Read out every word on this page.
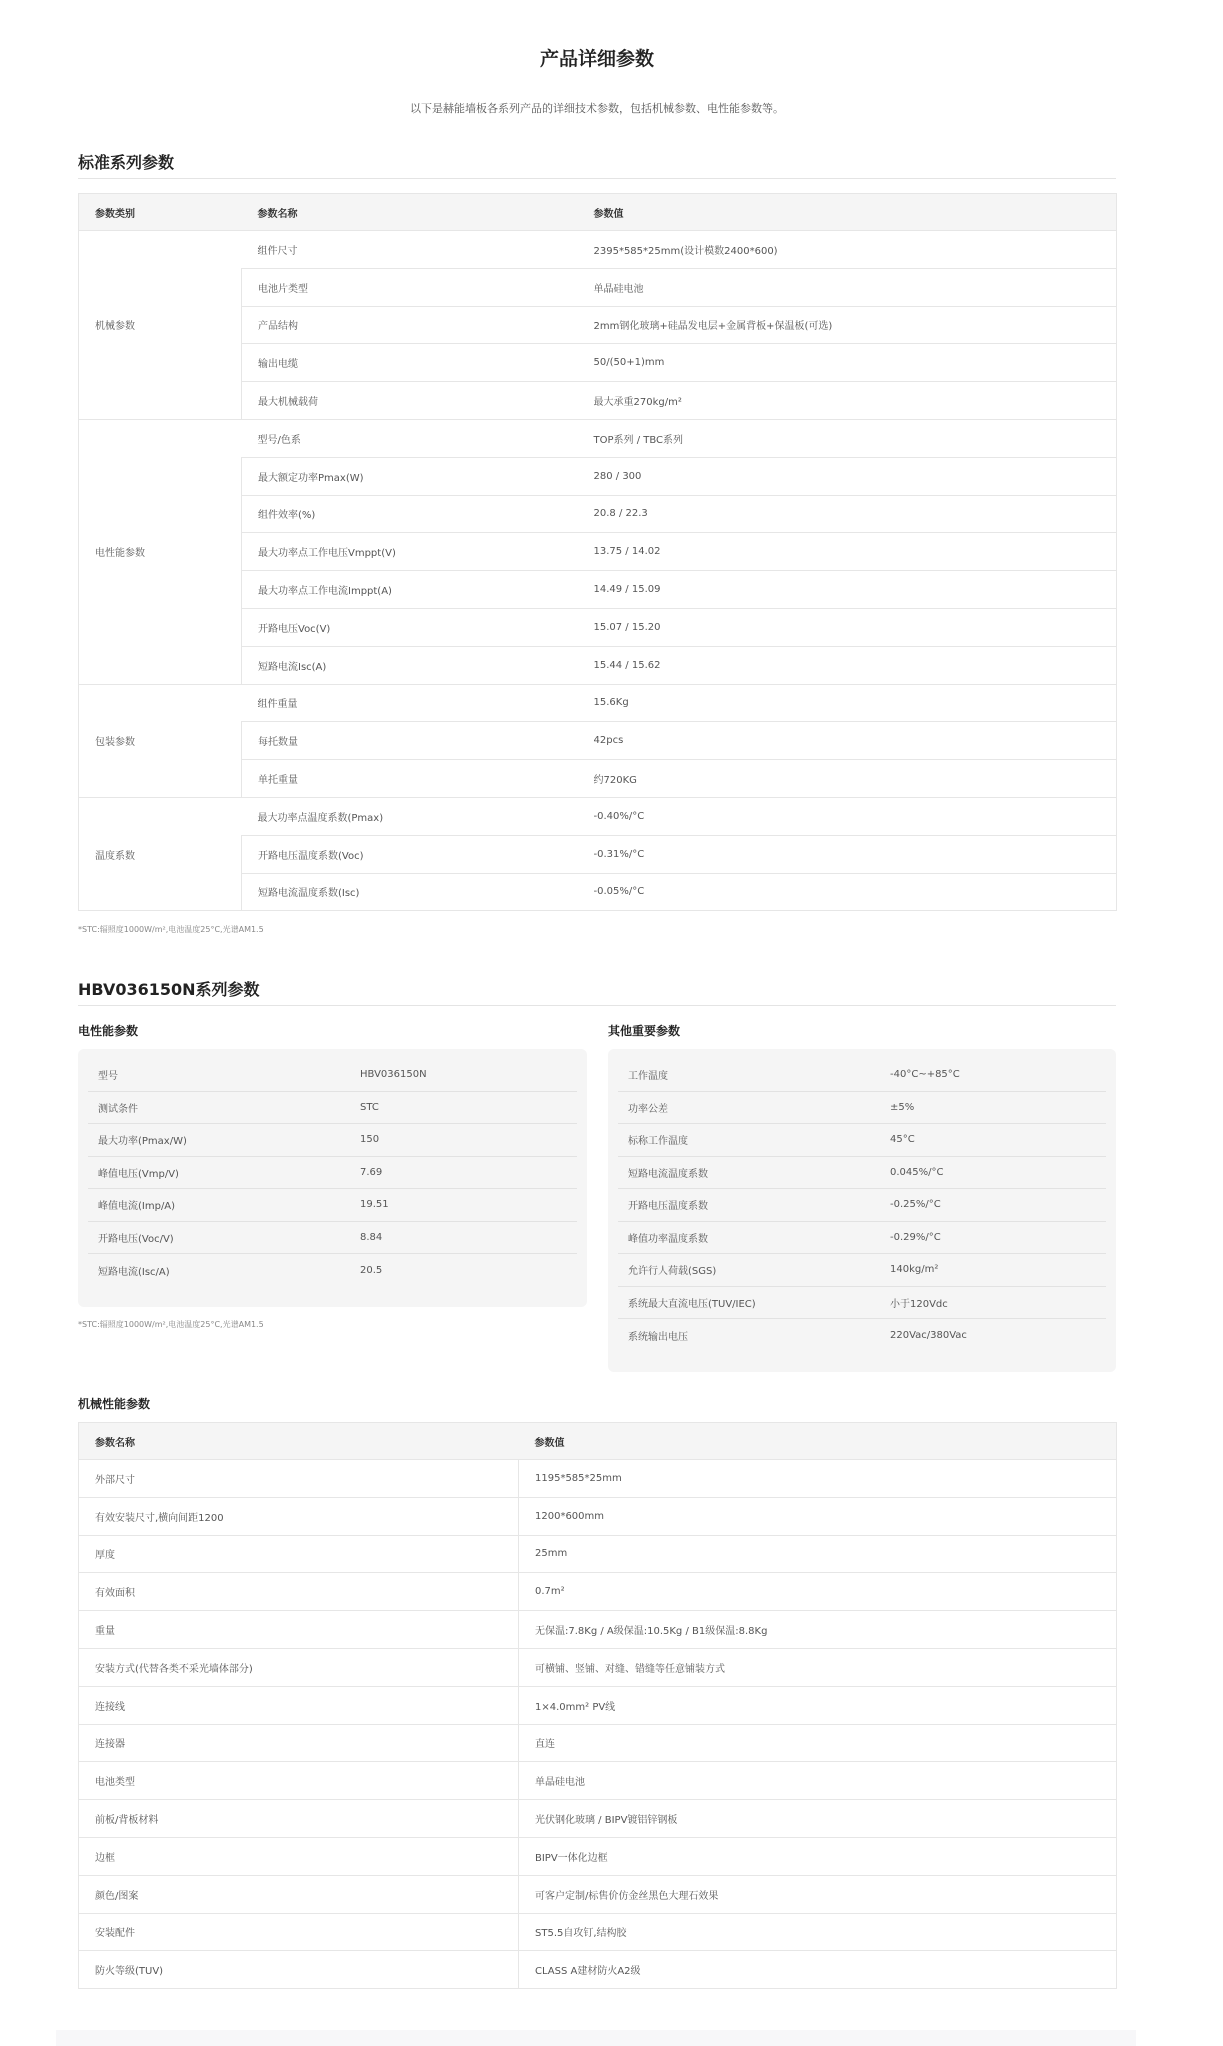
产品详细参数

以下是赫能墙板各系列产品的详细技术参数，包括机械参数、电性能参数等。

标准系列参数
参数类别	参数名称	参数值
机械参数	组件尺寸	2395*585*25mm(设计模数2400*600)
	电池片类型	单晶硅电池
	产品结构	2mm钢化玻璃+硅晶发电层+金属背板+保温板(可选)
	输出电缆	50/(50+1)mm
	最大机械载荷	最大承重270kg/m²
电性能参数	型号/色系	TOP系列 / TBC系列
	最大额定功率Pmax(W)	280 / 300
	组件效率(%)	20.8 / 22.3
	最大功率点工作电压Vmppt(V)	13.75 / 14.02
	最大功率点工作电流Imppt(A)	14.49 / 15.09
	开路电压Voc(V)	15.07 / 15.20
	短路电流Isc(A)	15.44 / 15.62
包装参数	组件重量	15.6Kg
	每托数量	42pcs
	单托重量	约720KG
温度系数	最大功率点温度系数(Pmax)	-0.40%/°C
	开路电压温度系数(Voc)	-0.31%/°C
	短路电流温度系数(Isc)	-0.05%/°C

*STC:辐照度1000W/m²,电池温度25°C,光谱AM1.5

HBV036150N系列参数
电性能参数	其他重要参数
型号	HBV036150N
测试条件	STC
最大功率(Pmax/W)	150
峰值电压(Vmp/V)	7.69
峰值电流(Imp/A)	19.51
开路电压(Voc/V)	8.84
短路电流(Isc/A)	20.5

*STC:辐照度1000W/m²,电池温度25°C,光谱AM1.5

工作温度	-40°C~+85°C
功率公差	±5%
标称工作温度	45°C
短路电流温度系数	0.045%/°C
开路电压温度系数	-0.25%/°C
峰值功率温度系数	-0.29%/°C
允许行人荷载(SGS)	140kg/m²
系统最大直流电压(TUV/IEC)	小于120Vdc
系统输出电压	220Vac/380Vac
机械性能参数
参数名称	参数值
外部尺寸	1195*585*25mm
有效安装尺寸,横向间距1200	1200*600mm
厚度	25mm
有效面积	0.7m²
重量	无保温:7.8Kg / A级保温:10.5Kg / B1级保温:8.8Kg
安装方式(代替各类不采光墙体部分)	可横铺、竖铺、对缝、错缝等任意铺装方式
连接线	1×4.0mm² PV线
连接器	直连
电池类型	单晶硅电池
前板/背板材料	光伏钢化玻璃 / BIPV镀铝锌钢板
边框	BIPV一体化边框
颜色/图案	可客户定制/标售价仿金丝黑色大理石效果
安装配件	ST5.5自攻钉,结构胶
防火等级(TUV)	CLASS A建材防火A2级
